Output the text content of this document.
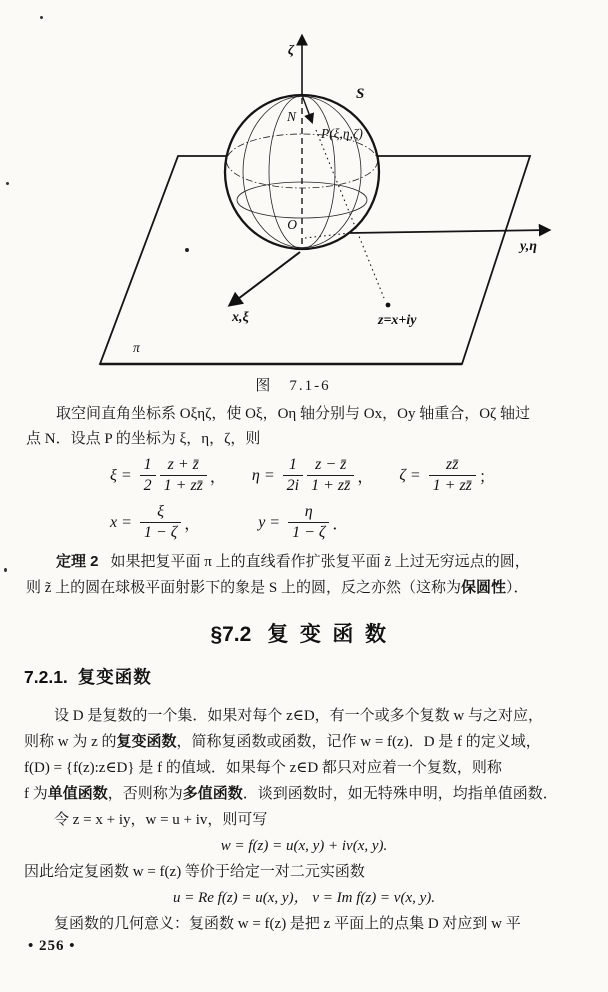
ζ
y,η
x,ξ	z=x+iy
S
N
P(ξ,η,ζ)
O
π
图　7.1-6
取空间直角坐标系 Oξηζ，使 Oξ，Oη 轴分别与 Ox，Oy 轴重合，Oζ 轴过
点 N．设点 P 的坐标为 ξ，η，ζ，则
$\xi = \frac{1}{2} \frac{z + z̄}{1 + zz̄}$ ， $\eta = \frac{1}{2i} \frac{z - z̄}{1 + zz̄}$ ， $\zeta = \frac{zz̄}{1 + zz̄}$ ；
$x = \frac{\xi}{1 - \zeta}$ ，	$y = \frac{\eta}{1 - \zeta}$ ．
定理 2 如果把复平面 π 上的直线看作扩张复平面 z̃ 上过无穷远点的圆，
则 z̃ 上的圆在球极平面射影下的象是 S 上的圆，反之亦然（这称为保圆性）．
§7.2 复变函数
7.2.1. 复变函数
设 D 是复数的一个集．如果对每个 z∈D，有一个或多个复数 w 与之对应，
则称 w 为 z 的复变函数，简称复函数或函数，记作 w = f(z)．D 是 f 的定义域，
f(D) = {f(z):z∈D} 是 f 的值域．如果每个 z∈D 都只对应着一个复数，则称
f 为单值函数，否则称为多值函数．谈到函数时，如无特殊申明，均指单值函数．
令 z = x + iy，w = u + iv，则可写
w = f(z) = u(x, y) + iv(x, y).
因此给定复函数 w = f(z) 等价于给定一对二元实函数
u = Re f(z) = u(x, y)， v = Im f(z) = v(x, y).
复函数的几何意义：复函数 w = f(z) 是把 z 平面上的点集 D 对应到 w 平
• 256 •
